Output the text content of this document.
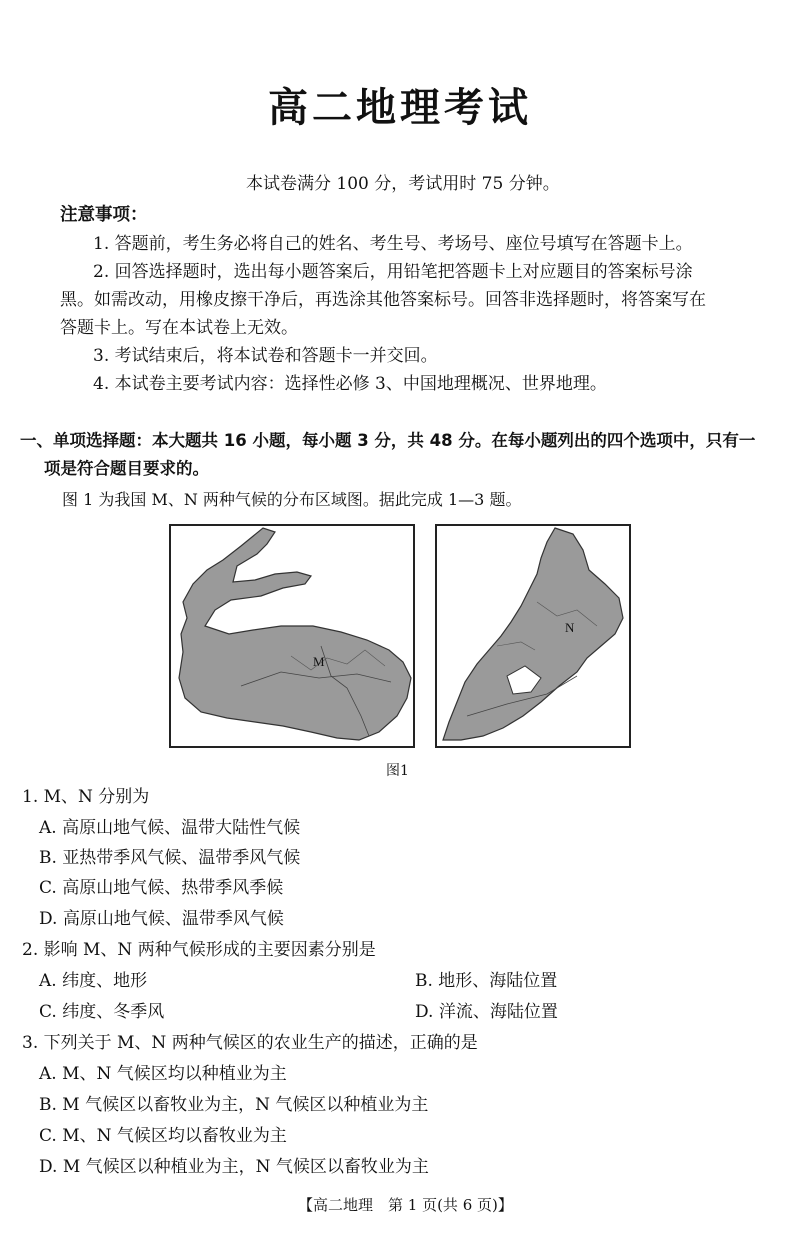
高二地理考试
本试卷满分 100 分，考试用时 75 分钟。
注意事项：
1. 答题前，考生务必将自己的姓名、考生号、考场号、座位号填写在答题卡上。
2. 回答选择题时，选出每小题答案后，用铅笔把答题卡上对应题目的答案标号涂
黑。如需改动，用橡皮擦干净后，再选涂其他答案标号。回答非选择题时，将答案写在
答题卡上。写在本试卷上无效。
3. 考试结束后，将本试卷和答题卡一并交回。
4. 本试卷主要考试内容：选择性必修 3、中国地理概况、世界地理。
一、单项选择题：本大题共 16 小题，每小题 3 分，共 48 分。在每小题列出的四个选项中，只有一
项是符合题目要求的。
图 1 为我国 M、N 两种气候的分布区域图。据此完成 1—3 题。
M
N
图1
1. M、N 分别为
A. 高原山地气候、温带大陆性气候
B. 亚热带季风气候、温带季风气候
C. 高原山地气候、热带季风季候
D. 高原山地气候、温带季风气候
2. 影响 M、N 两种气候形成的主要因素分别是
A. 纬度、地形	B. 地形、海陆位置
C. 纬度、冬季风	D. 洋流、海陆位置
3. 下列关于 M、N 两种气候区的农业生产的描述，正确的是
A. M、N 气候区均以种植业为主
B. M 气候区以畜牧业为主，N 气候区以种植业为主
C. M、N 气候区均以畜牧业为主
D. M 气候区以种植业为主，N 气候区以畜牧业为主
【高二地理　第 1 页(共 6 页)】
